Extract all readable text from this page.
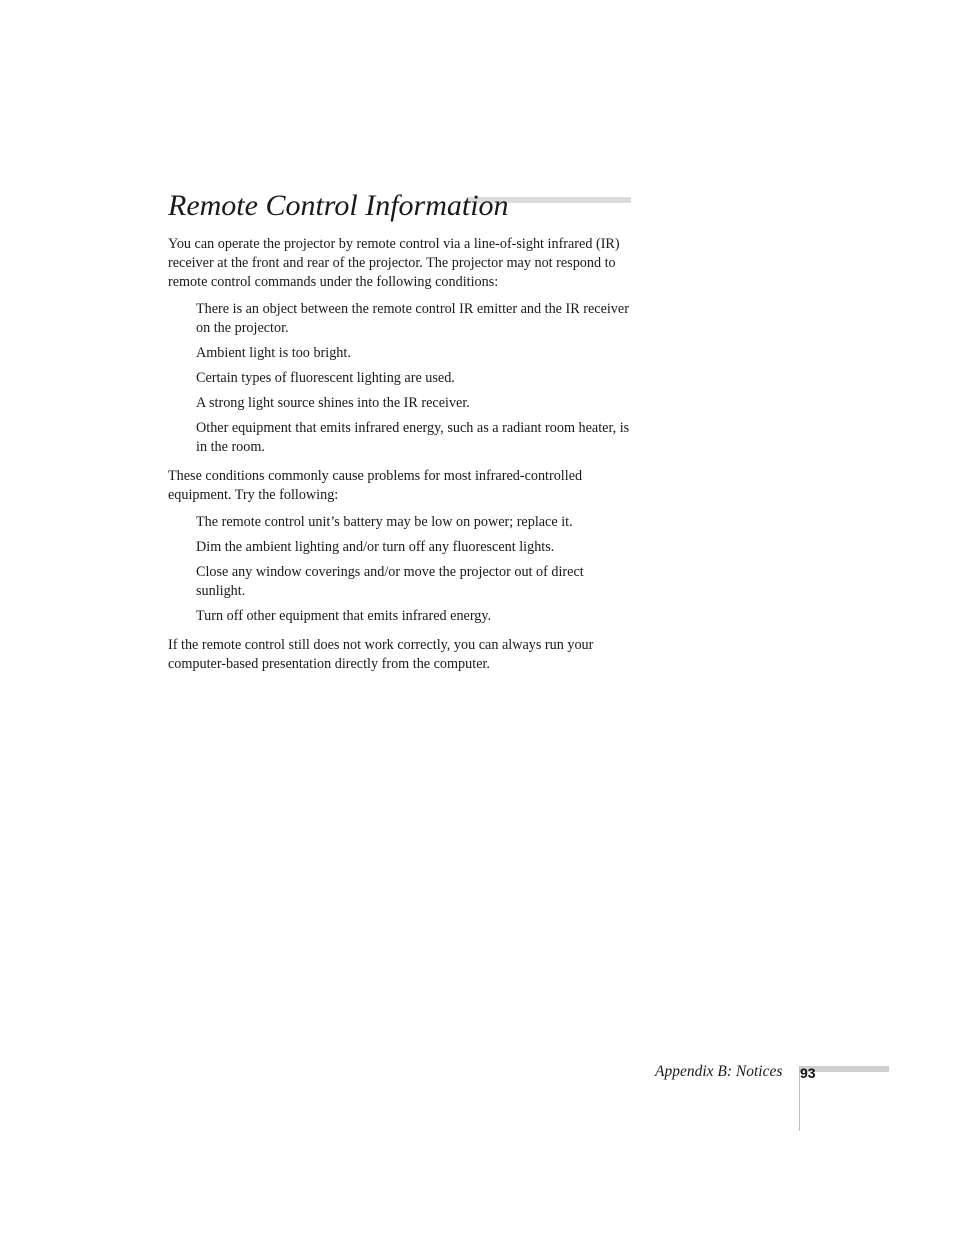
Remote Control Information

You can operate the projector by remote control via a line-of-sight infrared (IR) receiver at the front and rear of the projector. The projector may not respond to remote control commands under the following conditions:

There is an object between the remote control IR emitter and the IR receiver on the projector.
Ambient light is too bright.
Certain types of fluorescent lighting are used.
A strong light source shines into the IR receiver.
Other equipment that emits infrared energy, such as a radiant room heater, is in the room.

These conditions commonly cause problems for most infrared-controlled equipment. Try the following:

The remote control unit’s battery may be low on power; replace it.
Dim the ambient lighting and/or turn off any fluorescent lights.
Close any window coverings and/or move the projector out of direct sunlight.
Turn off other equipment that emits infrared energy.

If the remote control still does not work correctly, you can always run your computer-based presentation directly from the computer.

Appendix B: Notices 93
